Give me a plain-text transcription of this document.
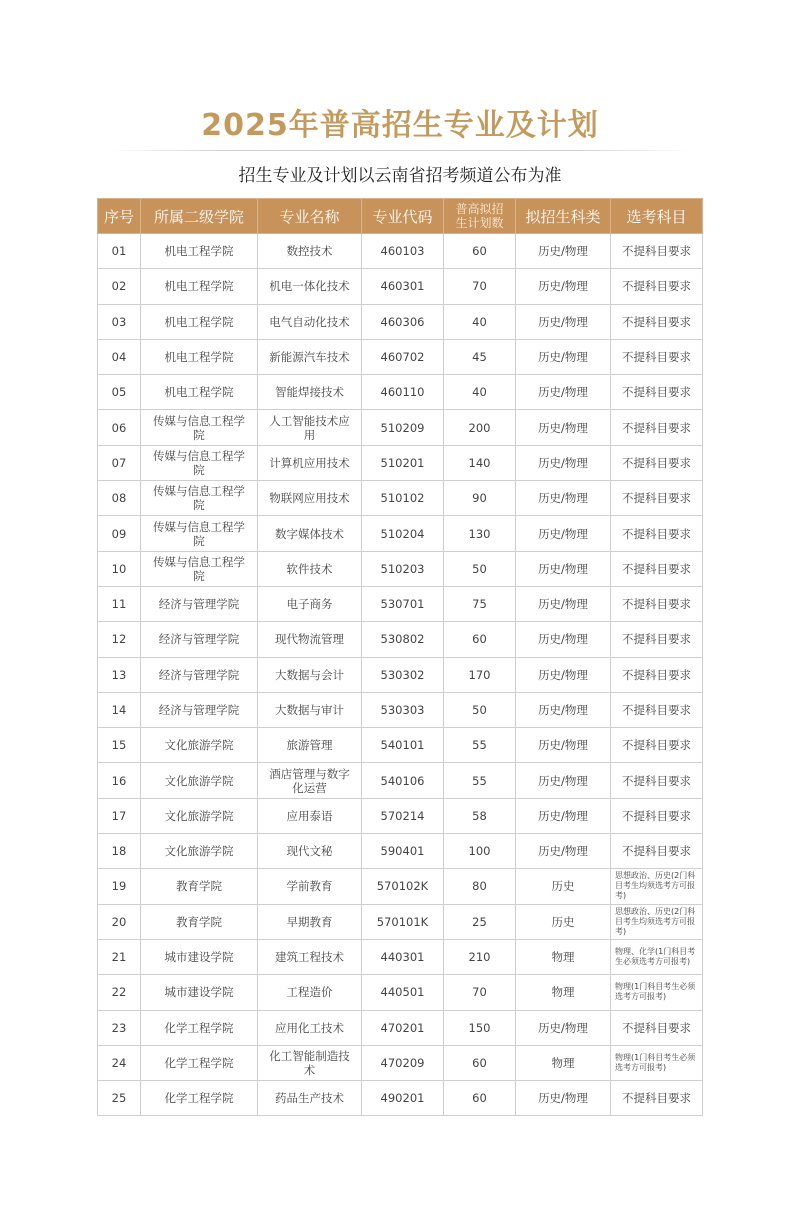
2025年普高招生专业及计划
招生专业及计划以云南省招考频道公布为准
序号	所属二级学院	专业名称	专业代码	普高拟招生计划数	拟招生科类	选考科目
01	机电工程学院	数控技术	460103	60	历史/物理	不提科目要求
02	机电工程学院	机电一体化技术	460301	70	历史/物理	不提科目要求
03	机电工程学院	电气自动化技术	460306	40	历史/物理	不提科目要求
04	机电工程学院	新能源汽车技术	460702	45	历史/物理	不提科目要求
05	机电工程学院	智能焊接技术	460110	40	历史/物理	不提科目要求
06	传媒与信息工程学院	人工智能技术应用	510209	200	历史/物理	不提科目要求
07	传媒与信息工程学院	计算机应用技术	510201	140	历史/物理	不提科目要求
08	传媒与信息工程学院	物联网应用技术	510102	90	历史/物理	不提科目要求
09	传媒与信息工程学院	数字媒体技术	510204	130	历史/物理	不提科目要求
10	传媒与信息工程学院	软件技术	510203	50	历史/物理	不提科目要求
11	经济与管理学院	电子商务	530701	75	历史/物理	不提科目要求
12	经济与管理学院	现代物流管理	530802	60	历史/物理	不提科目要求
13	经济与管理学院	大数据与会计	530302	170	历史/物理	不提科目要求
14	经济与管理学院	大数据与审计	530303	50	历史/物理	不提科目要求
15	文化旅游学院	旅游管理	540101	55	历史/物理	不提科目要求
16	文化旅游学院	酒店管理与数字化运营	540106	55	历史/物理	不提科目要求
17	文化旅游学院	应用泰语	570214	58	历史/物理	不提科目要求
18	文化旅游学院	现代文秘	590401	100	历史/物理	不提科目要求
19	教育学院	学前教育	570102K	80	历史	思想政治、历史(2门科目考生均须选考方可报考)
20	教育学院	早期教育	570101K	25	历史	思想政治、历史(2门科目考生均须选考方可报考)
21	城市建设学院	建筑工程技术	440301	210	物理	物理、化学(1门科目考生必须选考方可报考)
22	城市建设学院	工程造价	440501	70	物理	物理(1门科目考生必须选考方可报考)
23	化学工程学院	应用化工技术	470201	150	历史/物理	不提科目要求
24	化学工程学院	化工智能制造技术	470209	60	物理	物理(1门科目考生必须选考方可报考)
25	化学工程学院	药品生产技术	490201	60	历史/物理	不提科目要求
